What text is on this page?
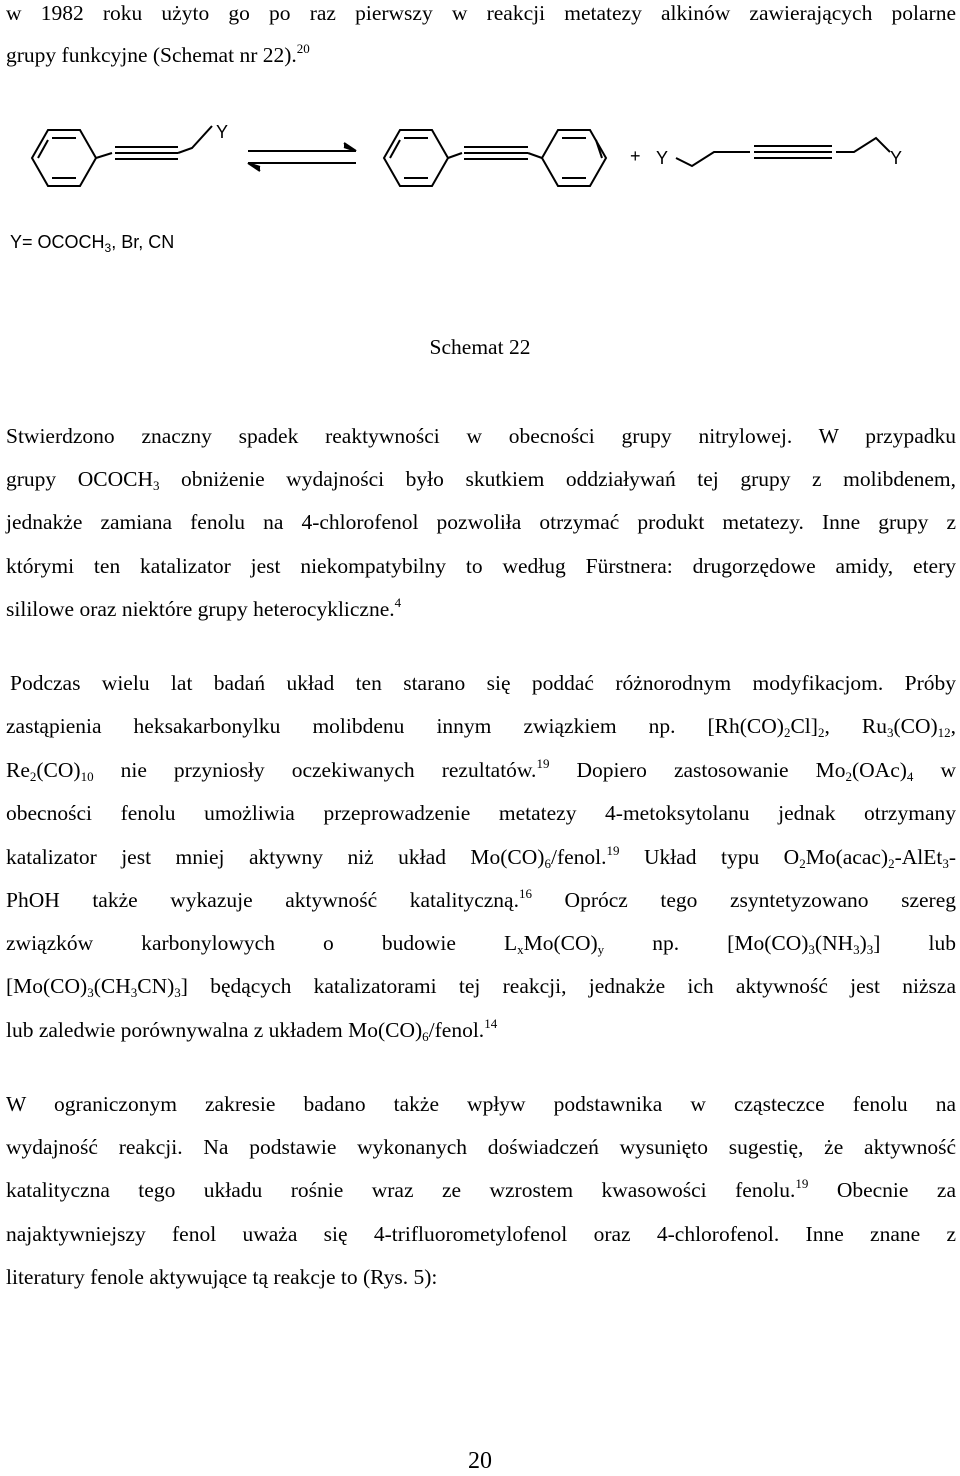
w 1982 roku użyto go po raz pierwszy w reakcji metatezy alkinów zawierających polarne
grupy funkcyjne (Schemat nr 22).$^{20}$
Y
+ Y	Y
$Y= OCOCH_3$, Br, CN
Schemat 22
Stwierdzono znaczny spadek reaktywności w obecności grupy nitrylowej. W przypadku
grupy $OCOCH_3$ obniżenie wydajności było skutkiem oddziaływań tej grupy z molibdenem,
jednakże zamiana fenolu na 4-chlorofenol pozwoliła otrzymać produkt metatezy. Inne grupy z
którymi ten katalizator jest niekompatybilny to według Fürstnera: drugorzędowe amidy, etery
sililowe oraz niektóre grupy heterocykliczne.$^4$
Podczas wielu lat badań układ ten starano się poddać różnorodnym modyfikacjom. Próby
zastąpienia heksakarbonylku molibdenu innym związkiem np. $[Rh(CO)_2Cl]_2$, $Ru_3(CO)_{12}$,
$Re_2(CO)_{10}$ nie przyniosły oczekiwanych rezultatów.$^{19}$ Dopiero zastosowanie $Mo_2(OAc)_4$ w
obecności fenolu umożliwia przeprowadzenie metatezy 4-metoksytolanu jednak otrzymany
katalizator jest mniej aktywny niż układ $Mo(CO)_6/fenol.^{19}$ Układ typu $O_2Mo(acac)_2-AlEt_3-$
PhOH także wykazuje aktywność katalityczną.$^{16}$ Oprócz tego zsyntetyzowano szereg
związków karbonylowych o budowie $L_xMo(CO)_y$ np. $[Mo(CO)_3(NH_3)_3]$ lub
$[Mo(CO)_3(CH_3CN)_3]$ będących katalizatorami tej reakcji, jednakże ich aktywność jest niższa
lub zaledwie porównywalna z układem $Mo(CO)_6/fenol.^{14}$
W ograniczonym zakresie badano także wpływ podstawnika w cząsteczce fenolu na
wydajność reakcji. Na podstawie wykonanych doświadczeń wysunięto sugestię, że aktywność
katalityczna tego układu rośnie wraz ze wzrostem kwasowości fenolu.$^{19}$ Obecnie za
najaktywniejszy fenol uważa się 4-trifluorometylofenol oraz 4-chlorofenol. Inne znane z
literatury fenole aktywujące tą reakcje to (Rys. 5):
20
